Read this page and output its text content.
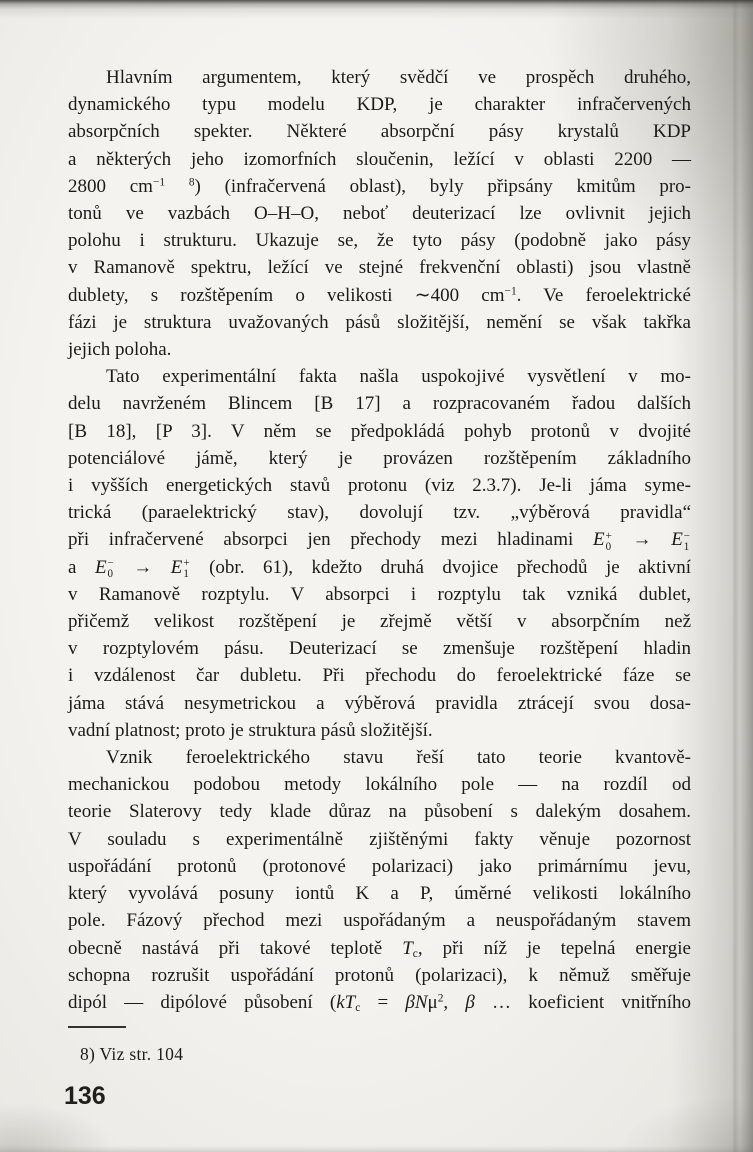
Hlavním argumentem, který svědčí ve prospěch druhého,
dynamického typu modelu KDP, je charakter infračervených
absorpčních spekter. Některé absorpční pásy krystalů KDP
a některých jeho izomorfních sloučenin, ležící v oblasti 2200 —
2800 $cm^{-1}$ $^8$) (infračervená oblast), byly připsány kmitům pro-
tonů ve vazbách O–H–O, neboť deuterizací lze ovlivnit jejich
polohu i strukturu. Ukazuje se, že tyto pásy (podobně jako pásy
v Ramanově spektru, ležící ve stejné frekvenční oblasti) jsou vlastně
dublety, s rozštěpením o velikosti ∼400 $cm^{-1}$. Ve feroelektrické
fázi je struktura uvažovaných pásů složitější, nemění se však takřka
jejich poloha.
Tato experimentální fakta našla uspokojivé vysvětlení v mo-
delu navrženém Blincem [B 17] a rozpracovaném řadou dalších
[B 18], [P 3]. V něm se předpokládá pohyb protonů v dvojité
potenciálové jámě, který je provázen rozštěpením základního
i vyšších energetických stavů protonu (viz 2.3.7). Je-li jáma syme-
trická (paraelektrický stav), dovolují tzv. „výběrová pravidla“
při infračervené absorpci jen přechody mezi hladinami E +
0 → E −
1
a E −
0 → E +
1 (obr. 61), kdežto druhá dvojice přechodů je aktivní
v Ramanově rozptylu. V absorpci i rozptylu tak vzniká dublet,
přičemž velikost rozštěpení je zřejmě větší v absorpčním než
v rozptylovém pásu. Deuterizací se zmenšuje rozštěpení hladin
i vzdálenost čar dubletu. Při přechodu do feroelektrické fáze se
jáma stává nesymetrickou a výběrová pravidla ztrácejí svou dosa-
vadní platnost; proto je struktura pásů složitější.
Vznik feroelektrického stavu řeší tato teorie kvantově-
mechanickou podobou metody lokálního pole — na rozdíl od
teorie Slaterovy tedy klade důraz na působení s dalekým dosahem.
V souladu s experimentálně zjištěnými fakty věnuje pozornost
uspořádání protonů (protonové polarizaci) jako primárnímu jevu,
který vyvolává posuny iontů K a P, úměrné velikosti lokálního
pole. Fázový přechod mezi uspořádaným a neuspořádaným stavem
obecně nastává při takové teplotě $T_c$, při níž je tepelná energie
schopna rozrušit uspořádání protonů (polarizaci), k němuž směřuje
dipól — dipólové působení ($kT_c = \beta N\mu^2$, β … koeficient vnitřního
8) Viz str. 104
136
